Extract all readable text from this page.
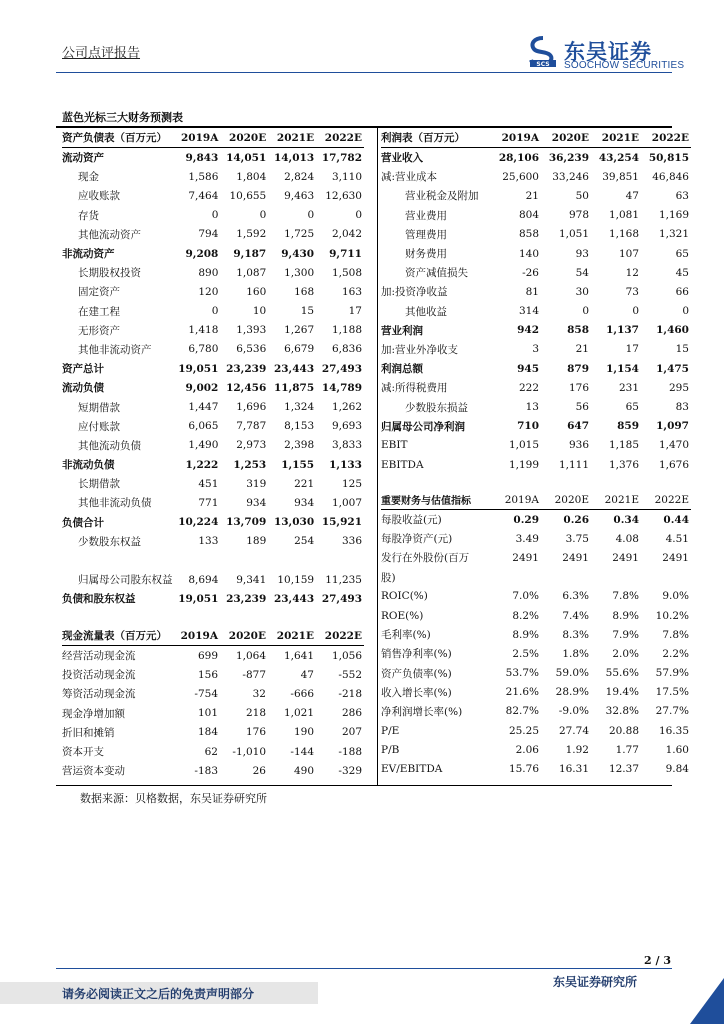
公司点评报告
SCS
东吴证券
SOOCHOW SECURITIES
蓝色光标三大财务预测表
资产负债表（百万元）	2019A	2020E	2021E	2022E
流动资产	9,843	14,051	14,013	17,782
现金	1,586	1,804	2,824	3,110
应收账款	7,464	10,655	9,463	12,630
存货	0	0	0	0
其他流动资产	794	1,592	1,725	2,042
非流动资产	9,208	9,187	9,430	9,711
长期股权投资	890	1,087	1,300	1,508
固定资产	120	160	168	163
在建工程	0	10	15	17
无形资产	1,418	1,393	1,267	1,188
其他非流动资产	6,780	6,536	6,679	6,836
资产总计	19,051	23,239	23,443	27,493
流动负债	9,002	12,456	11,875	14,789
短期借款	1,447	1,696	1,324	1,262
应付账款	6,065	7,787	8,153	9,693
其他流动负债	1,490	2,973	2,398	3,833
非流动负债	1,222	1,253	1,155	1,133
长期借款	451	319	221	125
其他非流动负债	771	934	934	1,007
负债合计	10,224	13,709	13,030	15,921
少数股东权益	133	189	254	336

归属母公司股东权益	8,694	9,341	10,159	11,235
负债和股东权益	19,051	23,239	23,443	27,493
现金流量表（百万元）	2019A	2020E	2021E	2022E
经营活动现金流	699	1,064	1,641	1,056
投资活动现金流	156	-877	47	-552
筹资活动现金流	-754	32	-666	-218
现金净增加额	101	218	1,021	286
折旧和摊销	184	176	190	207
资本开支	62	-1,010	-144	-188
营运资本变动	-183	26	490	-329
利润表（百万元）	2019A	2020E	2021E	2022E
营业收入	28,106	36,239	43,254	50,815
减:营业成本	25,600	33,246	39,851	46,846
营业税金及附加	21	50	47	63
营业费用	804	978	1,081	1,169
管理费用	858	1,051	1,168	1,321
财务费用	140	93	107	65
资产减值损失	-26	54	12	45
加:投资净收益	81	30	73	66
其他收益	314	0	0	0
营业利润	942	858	1,137	1,460
加:营业外净收支	3	21	17	15
利润总额	945	879	1,154	1,475
减:所得税费用	222	176	231	295
少数股东损益	13	56	65	83
归属母公司净利润	710	647	859	1,097
EBIT	1,015	936	1,185	1,470
EBITDA	1,199	1,111	1,376	1,676
重要财务与估值指标	2019A	2020E	2021E	2022E
每股收益(元)	0.29	0.26	0.34	0.44
每股净资产(元)	3.49	3.75	4.08	4.51
发行在外股份(百万	2491	2491	2491	2491
股)				
ROIC(%)	7.0%	6.3%	7.8%	9.0%
ROE(%)	8.2%	7.4%	8.9%	10.2%
毛利率(%)	8.9%	8.3%	7.9%	7.8%
销售净利率(%)	2.5%	1.8%	2.0%	2.2%
资产负债率(%)	53.7%	59.0%	55.6%	57.9%
收入增长率(%)	21.6%	28.9%	19.4%	17.5%
净利润增长率(%)	82.7%	-9.0%	32.8%	27.7%
P/E	25.25	27.74	20.88	16.35
P/B	2.06	1.92	1.77	1.60
EV/EBITDA	15.76	16.31	12.37	9.84
数据来源：贝格数据，东吴证券研究所
2 / 3
请务必阅读正文之后的免责声明部分
东吴证券研究所
